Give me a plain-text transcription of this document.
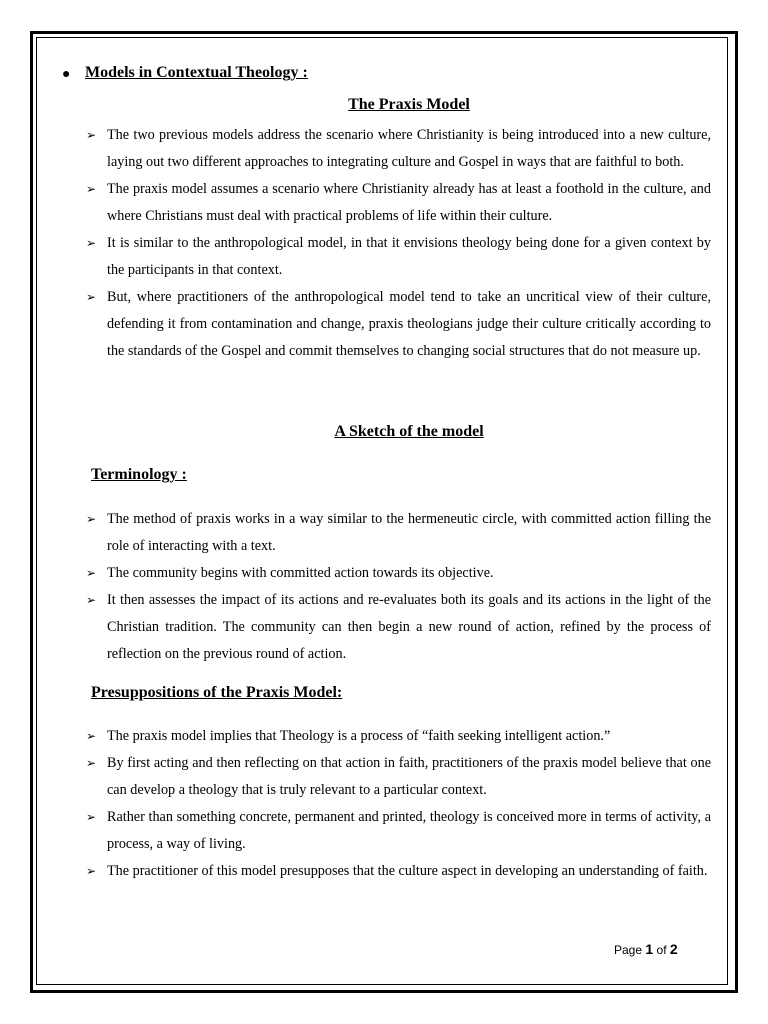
● Models in Contextual Theology :
The Praxis Model
➢ The two previous models address the scenario where Christianity is being introduced into a new culture, laying out two different approaches to integrating culture and Gospel in ways that are faithful to both.
➢ The praxis model assumes a scenario where Christianity already has at least a foothold in the culture, and where Christians must deal with practical problems of life within their culture.
➢ It is similar to the anthropological model, in that it envisions theology being done for a given context by the participants in that context.
➢ But, where practitioners of the anthropological model tend to take an uncritical view of their culture, defending it from contamination and change, praxis theologians judge their culture critically according to the standards of the Gospel and commit themselves to changing social structures that do not measure up.
A Sketch of the model
Terminology :
➢ The method of praxis works in a way similar to the hermeneutic circle, with committed action filling the role of interacting with a text.
➢ The community begins with committed action towards its objective.
➢ It then assesses the impact of its actions and re-evaluates both its goals and its actions in the light of the Christian tradition. The community can then begin a new round of action, refined by the process of reflection on the previous round of action.
Presuppositions of the Praxis Model:
➢ The praxis model implies that Theology is a process of “faith seeking intelligent action.”
➢ By first acting and then reflecting on that action in faith, practitioners of the praxis model believe that one can develop a theology that is truly relevant to a particular context.
➢ Rather than something concrete, permanent and printed, theology is conceived more in terms of activity, a process, a way of living.
➢ The practitioner of this model presupposes that the culture aspect in developing an understanding of faith.
Page 1 of 2
